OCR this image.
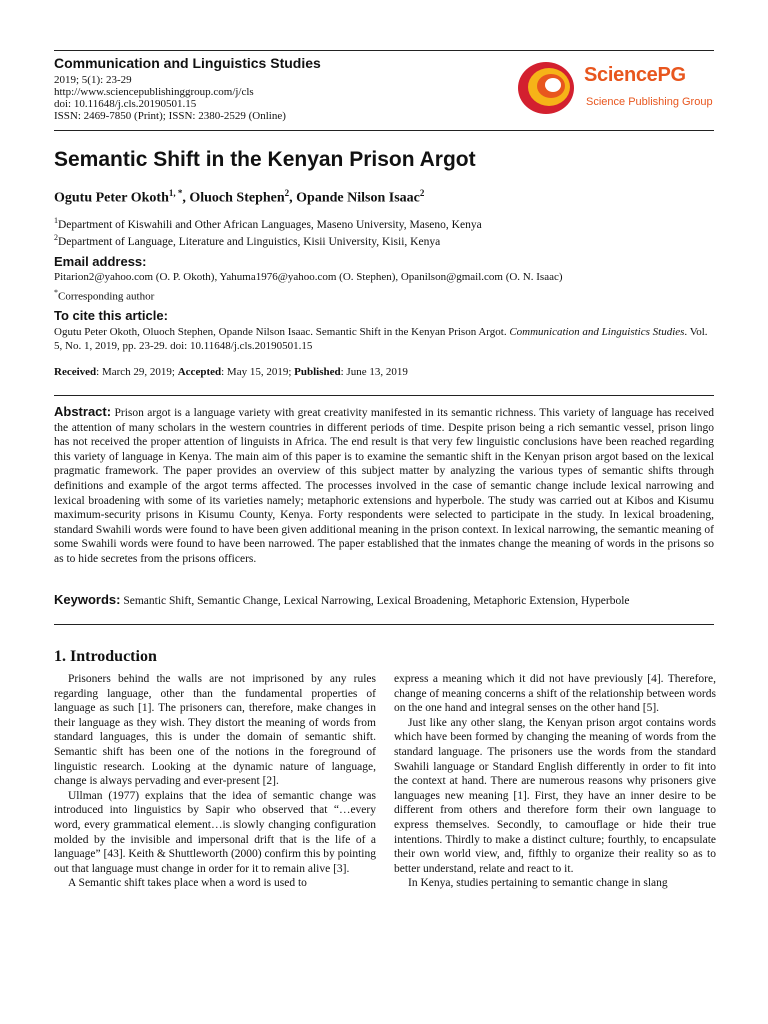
Communication and Linguistics Studies
2019; 5(1): 23-29
http://www.sciencepublishinggroup.com/j/cls
doi: 10.11648/j.cls.20190501.15
ISSN: 2469-7850 (Print); ISSN: 2380-2529 (Online)
SciencePG
Science Publishing Group
Semantic Shift in the Kenyan Prison Argot
Ogutu Peter Okoth$^{1, *}$, Oluoch Stephen$^2$, Opande Nilson Isaac$^2$
$^1$Department of Kiswahili and Other African Languages, Maseno University, Maseno, Kenya
$^2$Department of Language, Literature and Linguistics, Kisii University, Kisii, Kenya
Email address:
Pitarion2@yahoo.com (O. P. Okoth), Yahuma1976@yahoo.com (O. Stephen), Opanilson@gmail.com (O. N. Isaac)
*Corresponding author
To cite this article:
Ogutu Peter Okoth, Oluoch Stephen, Opande Nilson Isaac. Semantic Shift in the Kenyan Prison Argot. Communication and Linguistics Studies. Vol. 5, No. 1, 2019, pp. 23-29. doi: 10.11648/j.cls.20190501.15
Received: March 29, 2019; Accepted: May 15, 2019; Published: June 13, 2019
Abstract: Prison argot is a language variety with great creativity manifested in its semantic richness. This variety of language has received the attention of many scholars in the western countries in different periods of time. Despite prison being a rich semantic vessel, prison lingo has not received the proper attention of linguists in Africa. The end result is that very few linguistic conclusions have been reached regarding this variety of language in Kenya. The main aim of this paper is to examine the semantic shift in the Kenyan prison argot based on the lexical pragmatic framework. The paper provides an overview of this subject matter by analyzing the various types of semantic shifts through definitions and example of the argot terms affected. The processes involved in the case of semantic change include lexical narrowing and lexical broadening with some of its varieties namely; metaphoric extensions and hyperbole. The study was carried out at Kibos and Kisumu maximum-security prisons in Kisumu County, Kenya. Forty respondents were selected to participate in the study. In lexical broadening, standard Swahili words were found to have been given additional meaning in the prison context. In lexical narrowing, the semantic meaning of some Swahili words were found to have been narrowed. The paper established that the inmates change the meaning of words in the prisons so as to hide secretes from the prisons officers.
Keywords: Semantic Shift, Semantic Change, Lexical Narrowing, Lexical Broadening, Metaphoric Extension, Hyperbole
1. Introduction

Prisoners behind the walls are not imprisoned by any rules regarding language, other than the fundamental properties of language as such [1]. The prisoners can, therefore, make changes in their language as they wish. They distort the meaning of words from standard languages, this is under the domain of semantic shift. Semantic shift has been one of the notions in the foreground of linguistic research. Looking at the dynamic nature of language, change is always pervading and ever-present [2].

Ullman (1977) explains that the idea of semantic change was introduced into linguistics by Sapir who observed that “…every word, every grammatical element…is slowly changing configuration molded by the invisible and impersonal drift that is the life of a language” [43]. Keith & Shuttleworth (2000) confirm this by pointing out that language must change in order for it to remain alive [3].

A Semantic shift takes place when a word is used to

express a meaning which it did not have previously [4]. Therefore, change of meaning concerns a shift of the relationship between words on the one hand and integral senses on the other hand [5].

Just like any other slang, the Kenyan prison argot contains words which have been formed by changing the meaning of words from the standard language. The prisoners use the words from the standard Swahili language or Standard English differently in order to fit into the context at hand. There are numerous reasons why prisoners give languages new meaning [1]. First, they have an inner desire to be different from others and therefore form their own language to express themselves. Secondly, to camouflage or hide their true intentions. Thirdly to make a distinct culture; fourthly, to encapsulate their own world view, and, fifthly to organize their reality so as to better understand, relate and react to it.

In Kenya, studies pertaining to semantic change in slang
